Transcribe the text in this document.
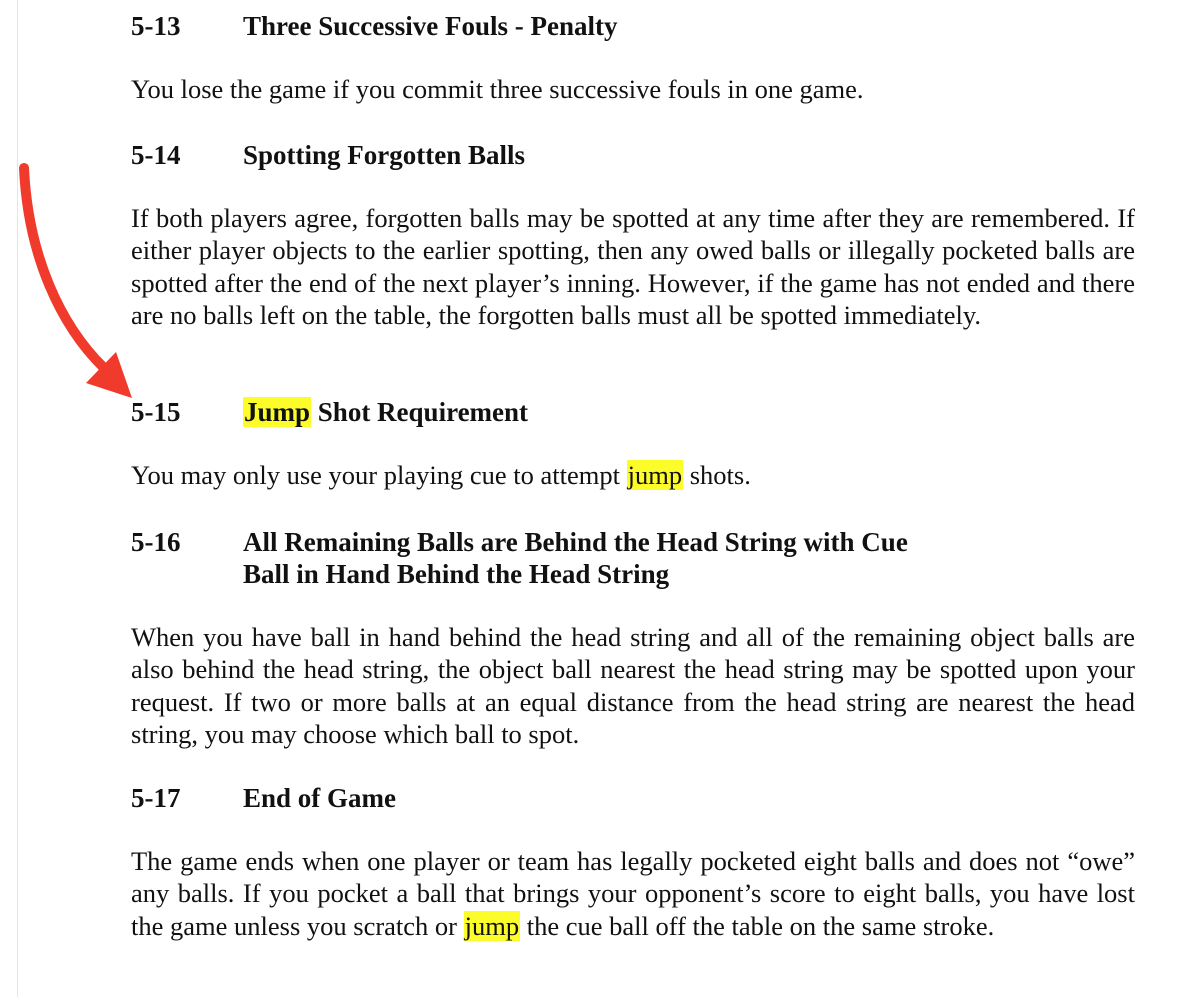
5-13	Three Successive Fouls - Penalty
You lose the game if you commit three successive fouls in one game.
5-14	Spotting Forgotten Balls
If both players agree, forgotten balls may be spotted at any time after they are remembered. If either player objects to the earlier spotting, then any owed balls or illegally pocketed balls are spotted after the end of the next player’s inning. However, if the game has not ended and there are no balls left on the table, the forgotten balls must all be spotted immediately.
5-15	Jump Shot Requirement
You may only use your playing cue to attempt jump shots.
5-16	All Remaining Balls are Behind the Head String with Cue
Ball in Hand Behind the Head String
When you have ball in hand behind the head string and all of the remaining object balls are also behind the head string, the object ball nearest the head string may be spotted upon your request. If two or more balls at an equal distance from the head string are nearest the head string, you may choose which ball to spot.
5-17	End of Game
The game ends when one player or team has legally pocketed eight balls and does not “owe” any balls. If you pocket a ball that brings your opponent’s score to eight balls, you have lost the game unless you scratch or jump the cue ball off the table on the same stroke.
